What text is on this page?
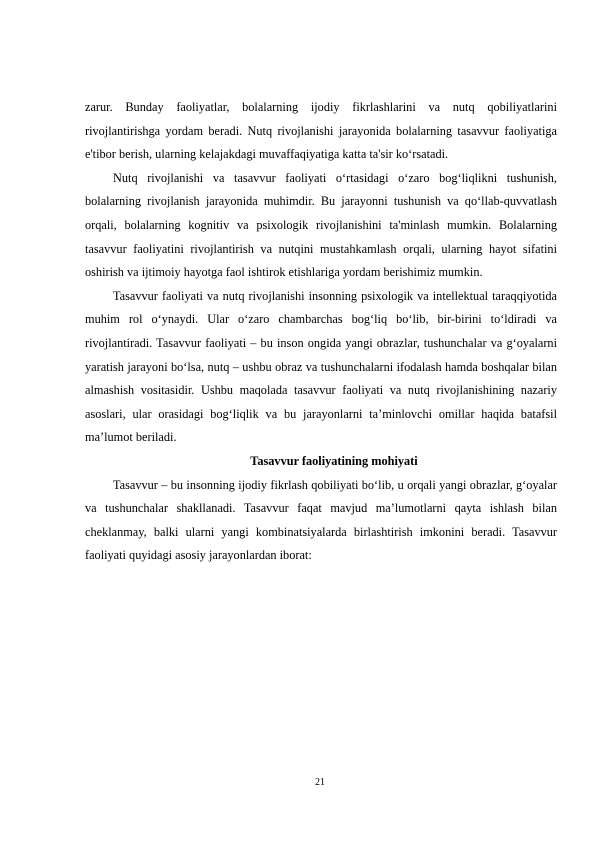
zarur. Bunday faoliyatlar, bolalarning ijodiy fikrlashlarini va nutq qobiliyatlarini rivojlantirishga yordam beradi. Nutq rivojlanishi jarayonida bolalarning tasavvur faoliyatiga e'tibor berish, ularning kelajakdagi muvaffaqiyatiga katta ta'sir ko‘rsatadi.

Nutq rivojlanishi va tasavvur faoliyati o‘rtasidagi o‘zaro bog‘liqlikni tushunish, bolalarning rivojlanish jarayonida muhimdir. Bu jarayonni tushunish va qo‘llab-quvvatlash orqali, bolalarning kognitiv va psixologik rivojlanishini ta'minlash mumkin. Bolalarning tasavvur faoliyatini rivojlantirish va nutqini mustahkamlash orqali, ularning hayot sifatini oshirish va ijtimoiy hayotga faol ishtirok etishlariga yordam berishimiz mumkin.

Tasavvur faoliyati va nutq rivojlanishi insonning psixologik va intellektual taraqqiyotida muhim rol o‘ynaydi. Ular o‘zaro chambarchas bog‘liq bo‘lib, bir-birini to‘ldiradi va rivojlantiradi. Tasavvur faoliyati – bu inson ongida yangi obrazlar, tushunchalar va g‘oyalarni yaratish jarayoni bo‘lsa, nutq – ushbu obraz va tushunchalarni ifodalash hamda boshqalar bilan almashish vositasidir. Ushbu maqolada tasavvur faoliyati va nutq rivojlanishining nazariy asoslari, ular orasidagi bog‘liqlik va bu jarayonlarni ta’minlovchi omillar haqida batafsil ma’lumot beriladi.

Tasavvur faoliyatining mohiyati

Tasavvur – bu insonning ijodiy fikrlash qobiliyati bo‘lib, u orqali yangi obrazlar, g‘oyalar va tushunchalar shakllanadi. Tasavvur faqat mavjud ma’lumotlarni qayta ishlash bilan cheklanmay, balki ularni yangi kombinatsiyalarda birlashtirish imkonini beradi. Tasavvur faoliyati quyidagi asosiy jarayonlardan iborat:

21
